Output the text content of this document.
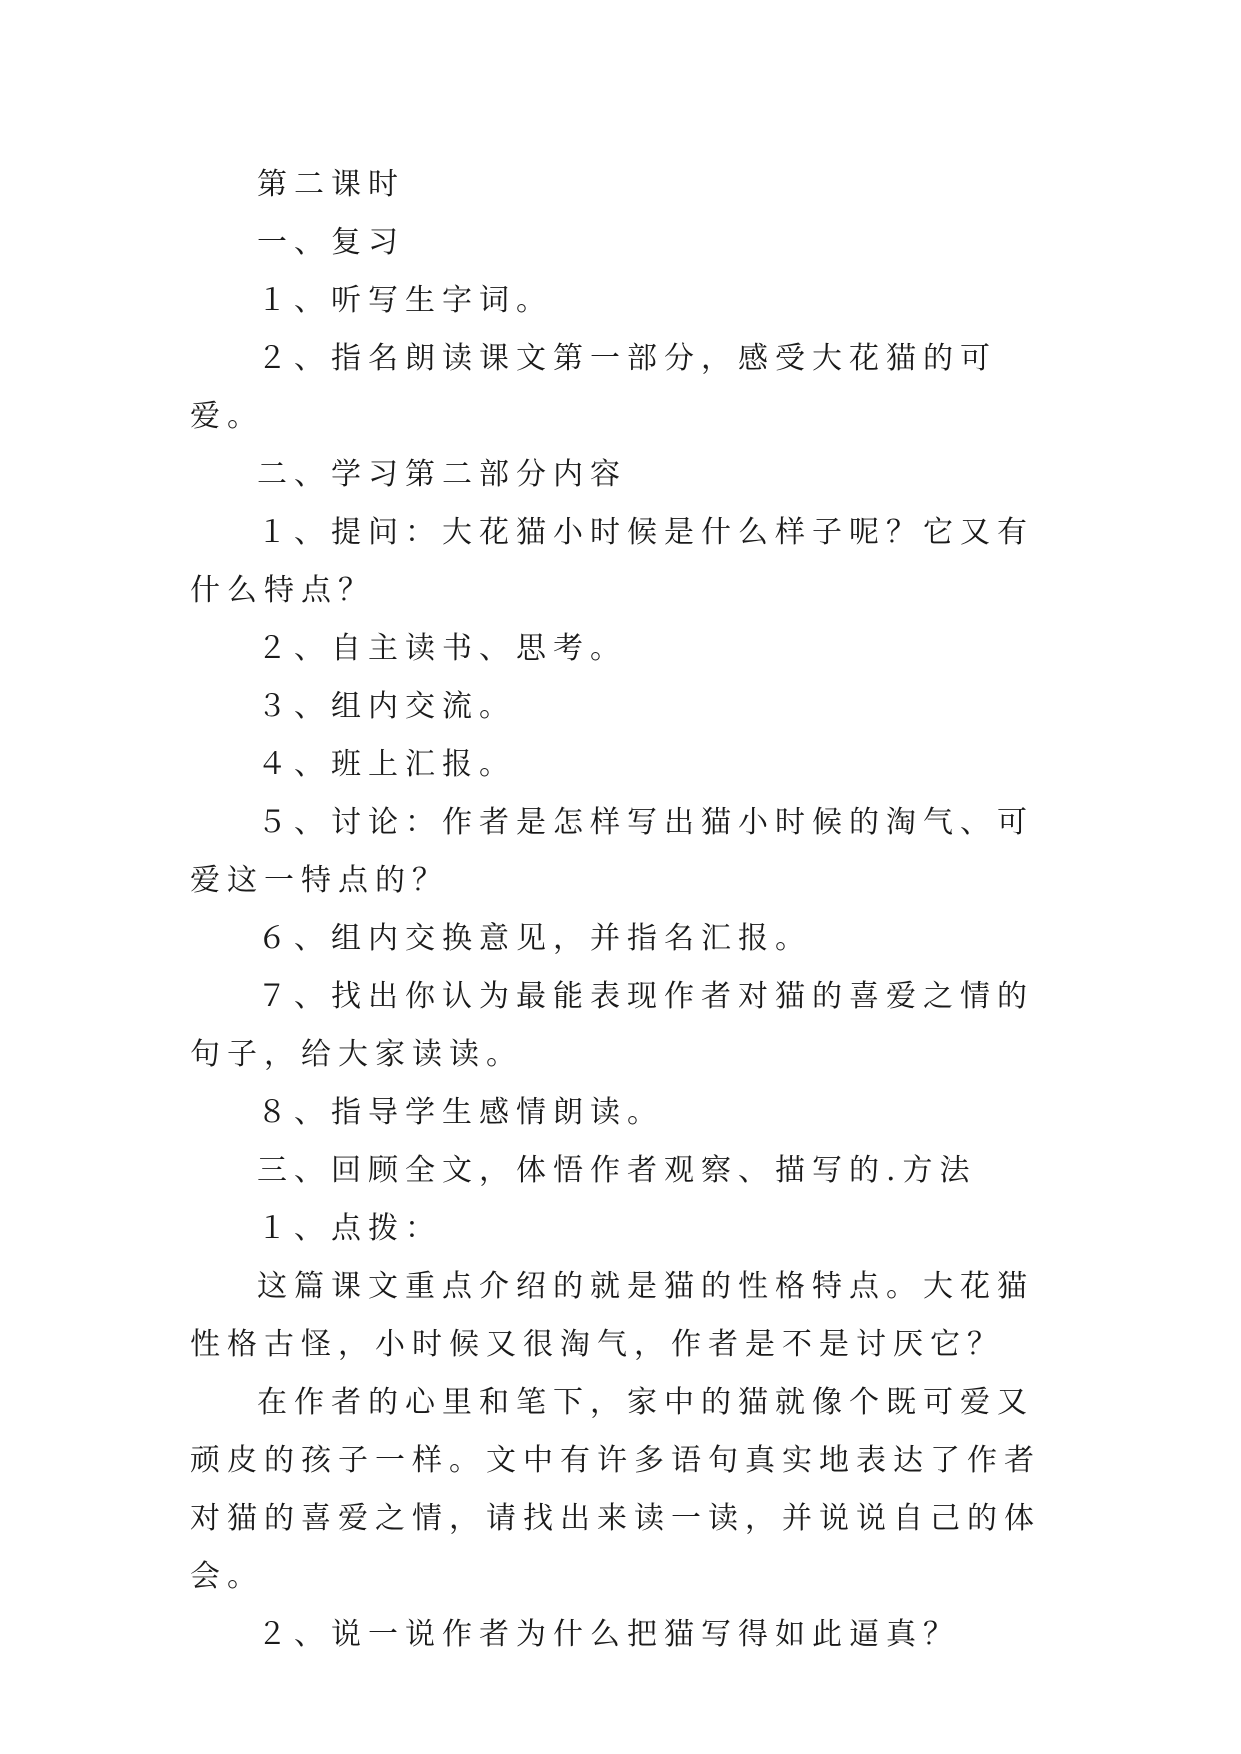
第二课时

一、复习

１、听写生字词。

２、指名朗读课文第一部分，感受大花猫的可爱。

二、学习第二部分内容

１、提问：大花猫小时候是什么样子呢？它又有什么特点？

２、自主读书、思考。

３、组内交流。

４、班上汇报。

５、讨论：作者是怎样写出猫小时候的淘气、可爱这一特点的？

６、组内交换意见，并指名汇报。

７、找出你认为最能表现作者对猫的喜爱之情的句子，给大家读读。

８、指导学生感情朗读。

三、回顾全文，体悟作者观察、描写的.方法

１、点拨：

这篇课文重点介绍的就是猫的性格特点。大花猫性格古怪，小时候又很淘气，作者是不是讨厌它？

在作者的心里和笔下，家中的猫就像个既可爱又顽皮的孩子一样。文中有许多语句真实地表达了作者对猫的喜爱之情，请找出来读一读，并说说自己的体会。

２、说一说作者为什么把猫写得如此逼真？
